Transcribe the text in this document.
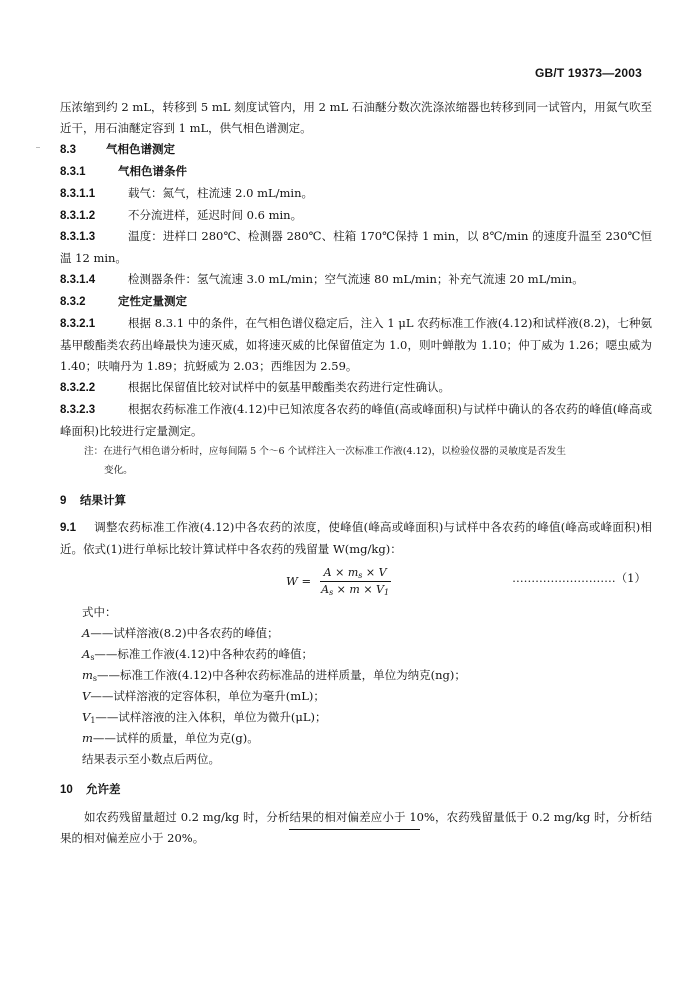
GB/T 19373—2003

压浓缩到约 2 mL，转移到 5 mL 刻度试管内，用 2 mL 石油醚分数次洗涤浓缩器也转移到同一试管内，用氮气吹至近干，用石油醚定容到 1 mL，供气相色谱测定。

8.3	气相色谱测定

8.3.1	气相色谱条件

8.3.1.1	载气：氮气，柱流速 2.0 mL/min。

8.3.1.2	不分流进样，延迟时间 0.6 min。

8.3.1.3	温度：进样口 280℃、检测器 280℃、柱箱 170℃保持 1 min，以 8℃/min 的速度升温至 230℃恒温 12 min。

8.3.1.4	检测器条件：氢气流速 3.0 mL/min；空气流速 80 mL/min；补充气流速 20 mL/min。

8.3.2	定性定量测定

8.3.2.1	根据 8.3.1 中的条件，在气相色谱仪稳定后，注入 1 μL 农药标准工作液(4.12)和试样液(8.2)，七种氨基甲酸酯类农药出峰最快为速灭威，如将速灭威的比保留值定为 1.0，则叶蝉散为 1.10；仲丁威为 1.26；噁虫威为 1.40；呋喃丹为 1.89；抗蚜威为 2.03；西维因为 2.59。

8.3.2.2	根据比保留值比较对试样中的氨基甲酸酯类农药进行定性确认。

8.3.2.3	根据农药标准工作液(4.12)中已知浓度各农药的峰值(高或峰面积)与试样中确认的各农药的峰值(峰高或峰面积)比较进行定量测定。

注：在进行气相色谱分析时，应每间隔 5 个～6 个试样注入一次标准工作液(4.12)，以检验仪器的灵敏度是否发生

变化。

9 结果计算

9.1 调整农药标准工作液(4.12)中各农药的浓度，使峰值(峰高或峰面积)与试样中各农药的峰值(峰高或峰面积)相近。依式(1)进行单标比较计算试样中各农药的残留量 W(mg/kg)：

$W = \frac{A \times m_s \times V}{A_s \times m \times V_1}$	………………………（1）

式中：

A——试样溶液(8.2)中各农药的峰值；

$A_s——$标准工作液(4.12)中各种农药的峰值；

$m_s——$标准工作液(4.12)中各种农药标准品的进样质量，单位为纳克(ng)；

V——试样溶液的定容体积，单位为毫升(mL)；

$V_1——$试样溶液的注入体积，单位为微升(μL)；

m——试样的质量，单位为克(g)。

结果表示至小数点后两位。

10 允许差

如农药残留量超过 0.2 mg/kg 时，分析结果的相对偏差应小于 10%，农药残留量低于 0.2 mg/kg 时，分析结果的相对偏差应小于 20%。
